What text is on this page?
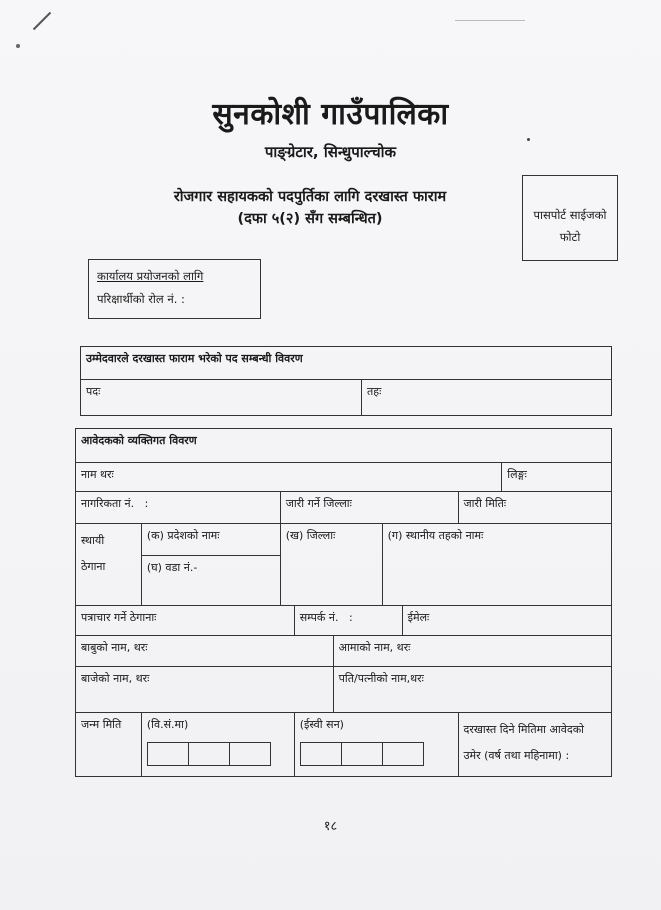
सुनकोशी गाउँपालिका
पाङ्ग्रेटार, सिन्धुपाल्चोक
रोजगार सहायकको पदपुर्तिका लागि दरखास्त फाराम
(दफा ५(२) सँग सम्बन्धित)	पासपोर्ट साईजको
फोटो
कार्यालय प्रयोजनको लागि
परिक्षार्थीको रोल नं. :
उम्मेदवारले दरखास्त फाराम भरेको पद सम्बन्धी विवरण
पदः	तहः
आवेदकको व्यक्तिगत विवरण								
नाम थरः								लिङ्गः
नागरिकता नं. :		जारी गर्ने जिल्लाः					जारी मितिः	

स्थायी
ठेगाना	(क) प्रदेशको नामः	(ख) जिल्लाः			(ग) स्थानीय तहको नामः			
	(घ) वडा नं.-							
पत्राचार गर्ने ठेगानाः			सम्पर्क नं. :			ईमेलः		
बाबुको नाम, थरः				आमाको नाम, थरः				
बाजेको नाम, थरः				पति/पत्नीको नाम,थरः				
जन्म मिति	(वि.सं.मा)		(ईस्वी सन)				दरखास्त दिने मितिमा आवेदको
उमेर (वर्ष तथा महिनामा) :	
१८
